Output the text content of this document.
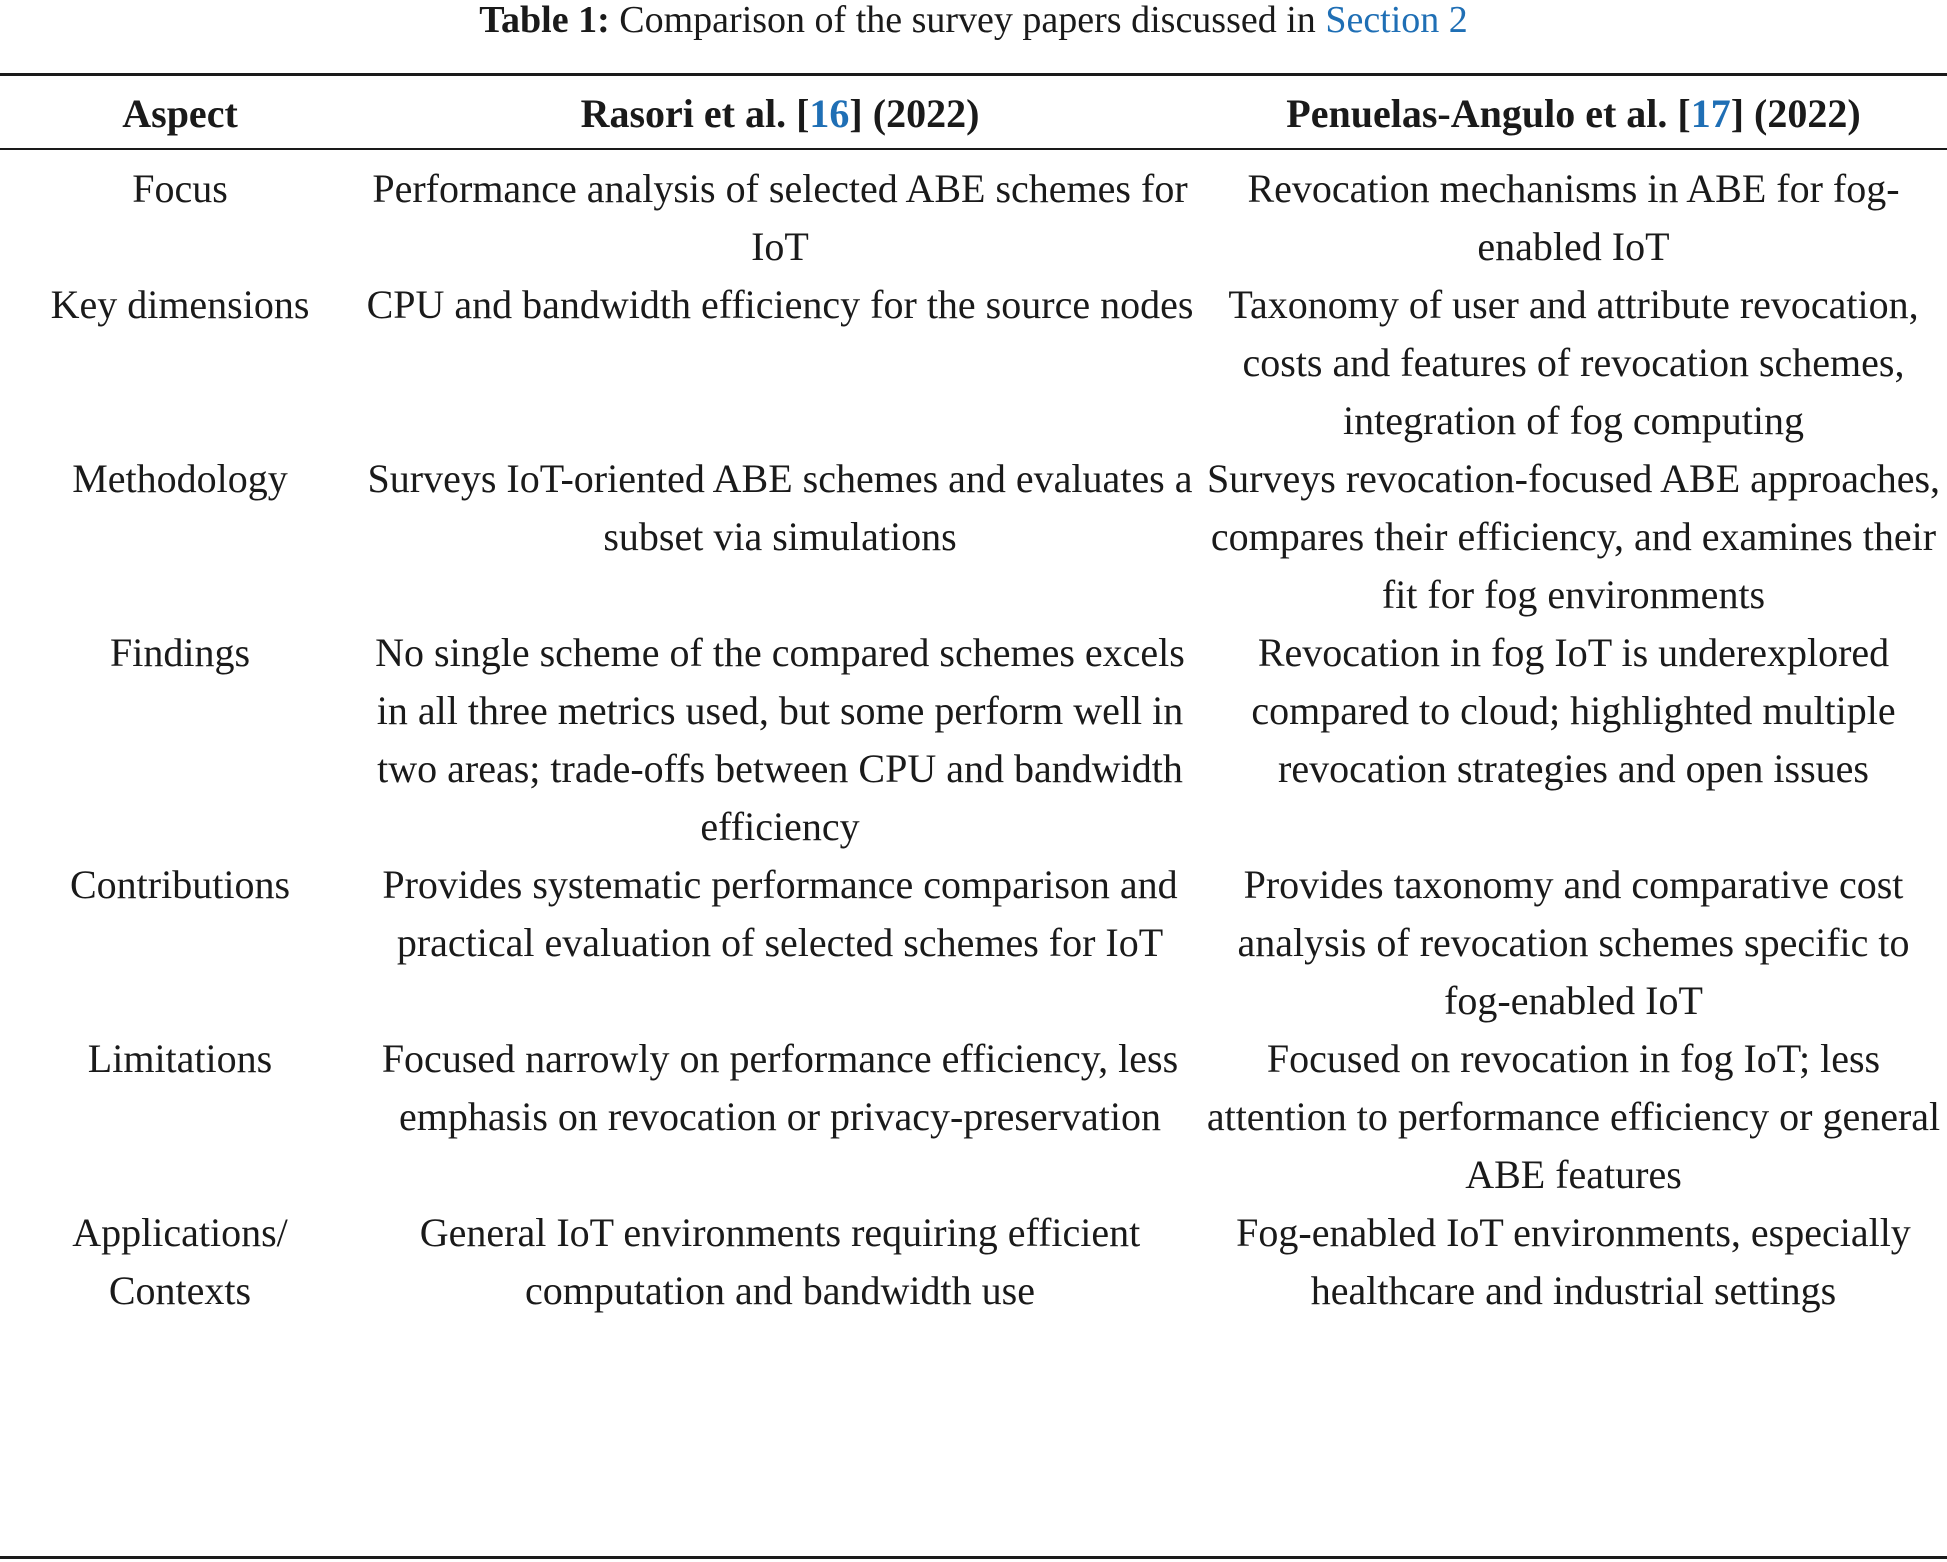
Table 1: Comparison of the survey papers discussed in Section 2
Aspect	Rasori et al. [16] (2022)	Penuelas-Angulo et al. [17] (2022)
Focus	Performance analysis of selected ABE schemes for IoT	Revocation mechanisms in ABE for fog-enabled IoT
Key dimensions	CPU and bandwidth efficiency for the source nodes	Taxonomy of user and attribute revocation, costs and features of revocation schemes, integration of fog computing
Methodology	Surveys IoT-oriented ABE schemes and evaluates a subset via simulations	Surveys revocation-focused ABE approaches, compares their efficiency, and examines their fit for fog environments
Findings	No single scheme of the compared schemes excels in all three metrics used, but some perform well in two areas; trade-offs between CPU and bandwidth efficiency	Revocation in fog IoT is underexplored compared to cloud; highlighted multiple revocation strategies and open issues
Contributions	Provides systematic performance comparison and practical evaluation of selected schemes for IoT	Provides taxonomy and comparative cost analysis of revocation schemes specific to fog-enabled IoT
Limitations	Focused narrowly on performance efficiency, less emphasis on revocation or privacy-preservation	Focused on revocation in fog IoT; less attention to performance efficiency or general ABE features
Applications/ Contexts	General IoT environments requiring efficient computation and bandwidth use	Fog-enabled IoT environments, especially healthcare and industrial settings
